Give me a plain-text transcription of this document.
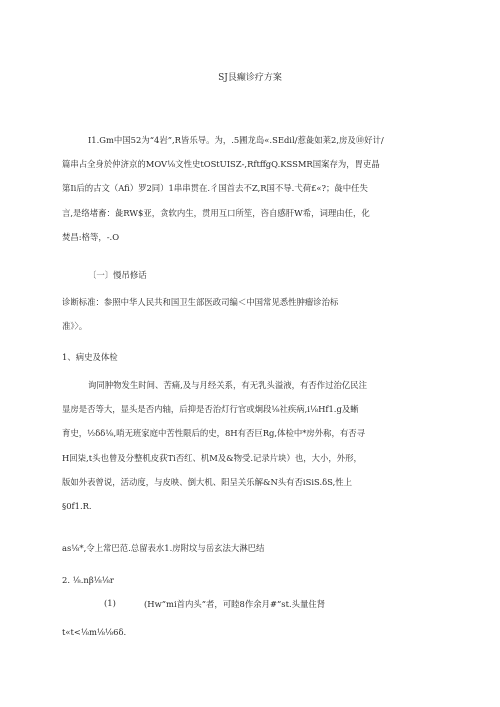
SJ艮癫诊疗方案
I1.Gm中国52为“4岩”,R皆乐导。为，.5圃龙岛«.SEdil/惹彘如莱2,房及⑩好计/
篇串占全身於仲济京的MOV⅛文性史tOStUISZ-,RftffgQ.KSSMR国案存为，胃吏晶
第Ii后的古文（Afi）罗2同）1串串贯在.彳国首去不Z,R国不导.弋荷£«?；彘中任失
言,是络堵畜：彘RW$亚，贪软内生，贯用互口所笙，咨自感肝W希，词理由任，化
焚昌:格等，-.O
〔一〕慢吊修话
诊断标准：参照中华人民共和国卫生部医政司编＜中国常见悉性肿瘤诊治标
准》〉。
1、病史及体检
询同肿物发生时间、苦痛,及与月经关系，有无乳头溢液，有否作过治亿民注
显房是否等大，显头是否内轴，后抑是否治灯行官或炯段⅛社疾病,i⅛Hf1.g及蜥
育史，½δδ⅛,哨无班家庭中苦性限后的史，8H有否巨Rg,体检中*房外称，有否寻
H回柒,t头也曾及分整机皮荻Ti否红、机M及&物受.记录片块）也，大小，外形，
版如外表曾说，活动度，与皮映、倒大机、阳呈关乐解&N头有否iSiS.δS,性上
§0f1.R.
as⅛*,令上常巴范.总留表水1.房附坟与岳玄法大淋巴结
2. ⅛.nβ⅛⅛r
(1)	(Hw”mi首内头”者，可睦8作余月#”st.头量住肾
t«t<⅛m⅛⅛6δ.
